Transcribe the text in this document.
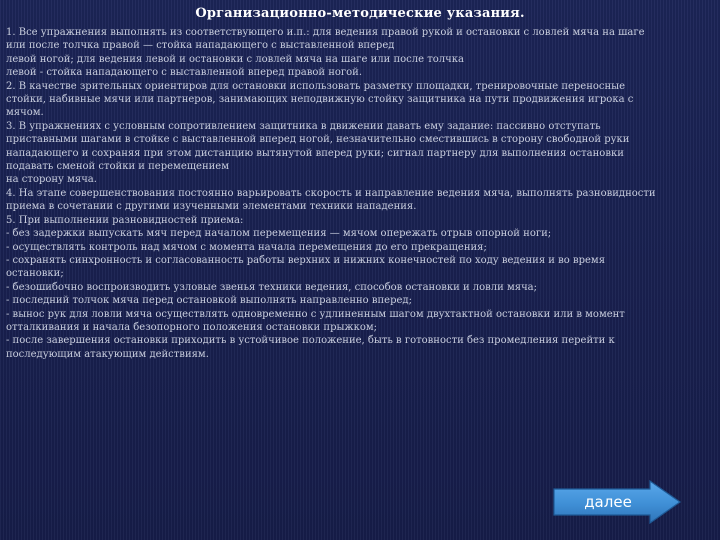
Организационно-методические указания.
1. Все упражнения выполнять из соответствующего и.п.: для ведения правой рукой и остановки с ловлей мяча на шаге
или после толчка правой — стойка нападающего с выставленной вперед
левой ногой; для ведения левой и остановки с ловлей мяча на шаге или после толчка
левой - стойка нападающего с выставленной вперед правой ногой.
2. В качестве зрительных ориентиров для остановки использовать разметку площадки, тренировочные переносные
стойки, набивные мячи или партнеров, занимающих неподвижную стойку защитника на пути продвижения игрока с
мячом.
3. В упражнениях с условным сопротивлением защитника в движении давать ему задание: пассивно отступать
приставными шагами в стойке с выставленной вперед ногой, незначительно сместившись в сторону свободной руки
нападающего и сохраняя при этом дистанцию вытянутой вперед руки; сигнал партнеру для выполнения остановки
подавать сменой стойки и перемещением
на сторону мяча.
4. На этапе совершенствования постоянно варьировать скорость и направление ведения мяча, выполнять разновидности
приема в сочетании с другими изученными элементами техники нападения.
5. При выполнении разновидностей приема:
- без задержки выпускать мяч перед началом перемещения — мячом опережать отрыв опорной ноги;
- осуществлять контроль над мячом с момента начала перемещения до его прекращения;
- сохранять синхронность и согласованность работы верхних и нижних конечностей по ходу ведения и во время
остановки;
- безошибочно воспроизводить узловые звенья техники ведения, способов остановки и ловли мяча;
- последний толчок мяча перед остановкой выполнять направленно вперед;
- вынос рук для ловли мяча осуществлять одновременно с удлиненным шагом двухтактной остановки или в момент
отталкивания и начала безопорного положения остановки прыжком;
- после завершения остановки приходить в устойчивое положение, быть в готовности без промедления перейти к
последующим атакующим действиям.
далее
